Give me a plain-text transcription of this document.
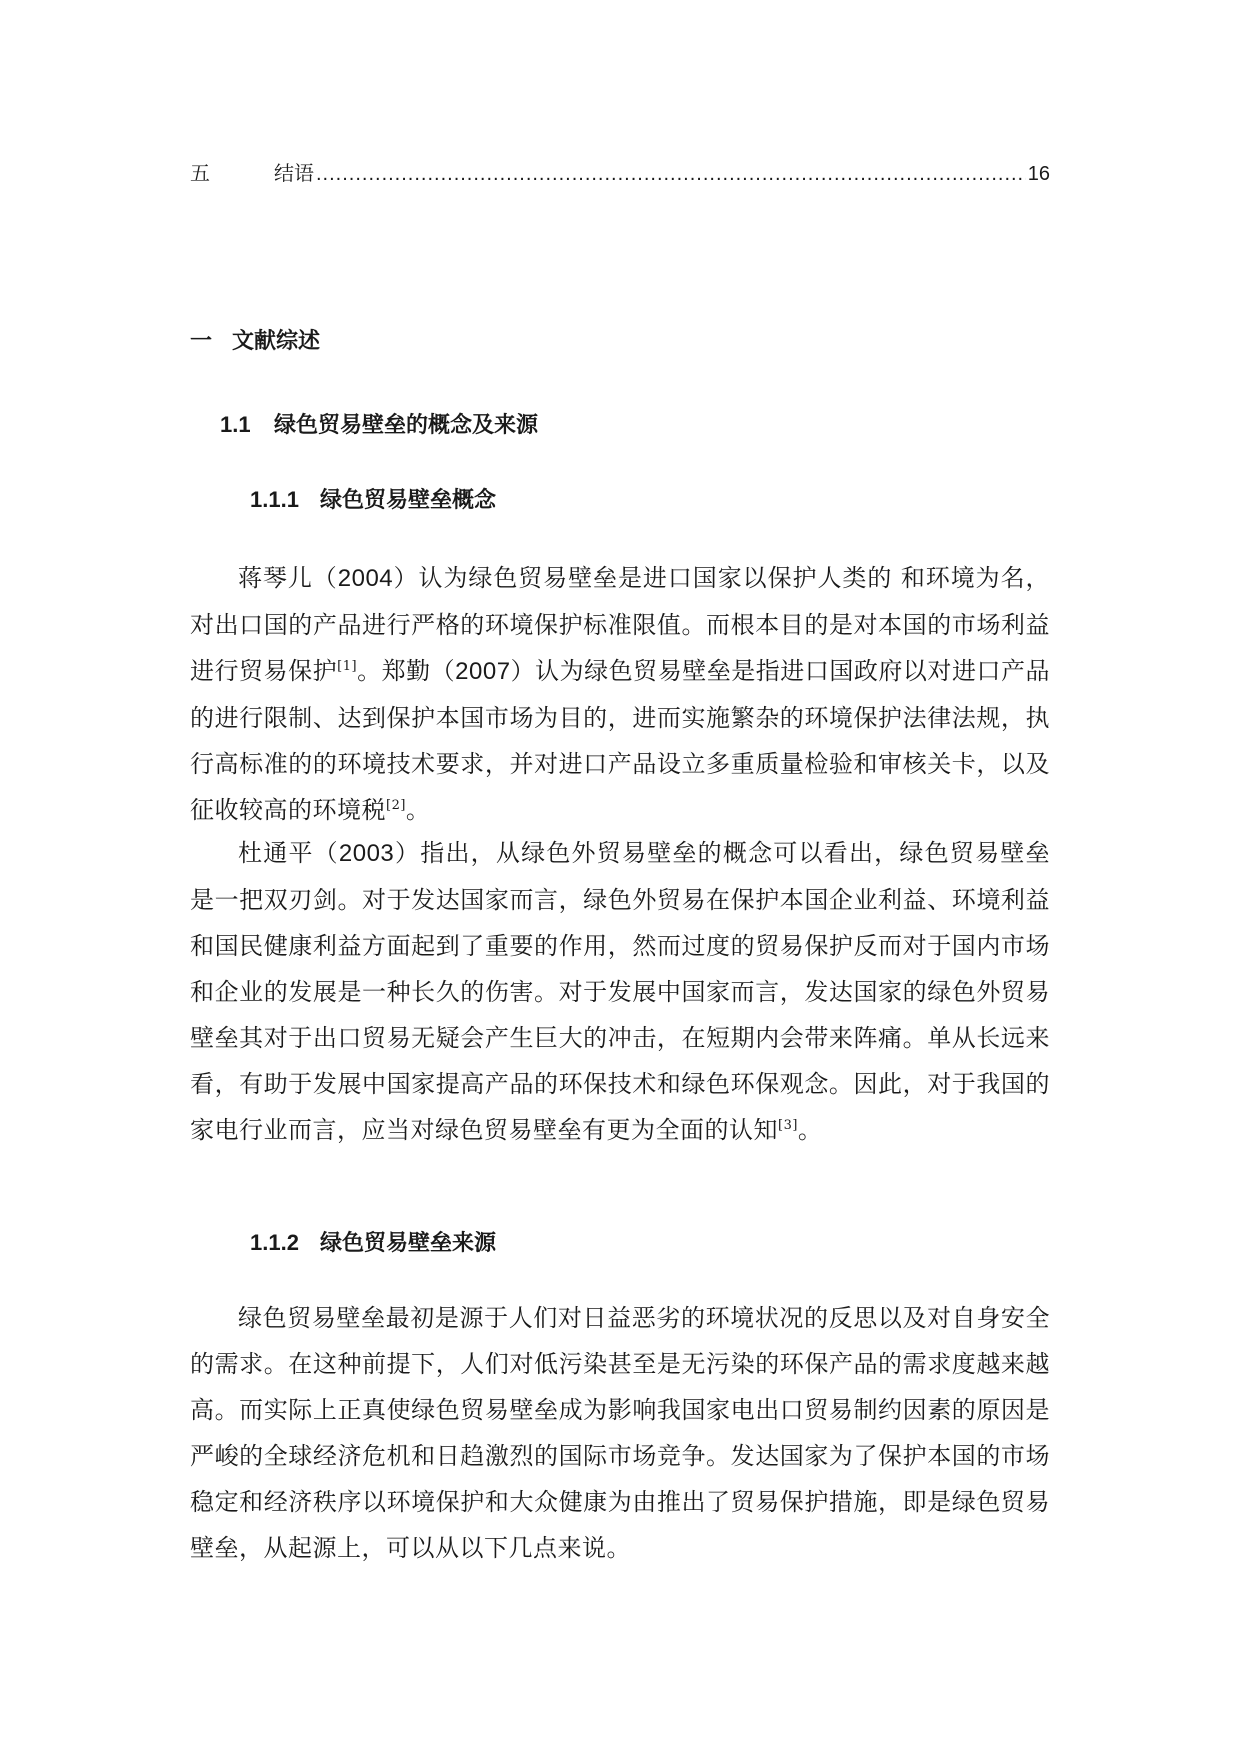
五	结语
.....	16
一 文献综述
1.1 绿色贸易壁垒的概念及来源
1.1.1 绿色贸易壁垒概念

蒋琴儿（2004）认为绿色贸易壁垒是进口国家以保护人类的 和环境为名，对出口国的产品进行严格的环境保护标准限值。而根本目的是对本国的市场利益进行贸易保护[1]。郑勤（2007）认为绿色贸易壁垒是指进口国政府以对进口产品的进行限制、达到保护本国市场为目的，进而实施繁杂的环境保护法律法规，执行高标准的的环境技术要求，并对进口产品设立多重质量检验和审核关卡，以及征收较高的环境税[2]。

杜通平（2003）指出，从绿色外贸易壁垒的概念可以看出，绿色贸易壁垒是一把双刃剑。对于发达国家而言，绿色外贸易在保护本国企业利益、环境利益和国民健康利益方面起到了重要的作用，然而过度的贸易保护反而对于国内市场和企业的发展是一种长久的伤害。对于发展中国家而言，发达国家的绿色外贸易壁垒其对于出口贸易无疑会产生巨大的冲击，在短期内会带来阵痛。单从长远来看，有助于发展中国家提高产品的环保技术和绿色环保观念。因此，对于我国的家电行业而言，应当对绿色贸易壁垒有更为全面的认知[3]。

1.1.2 绿色贸易壁垒来源

绿色贸易壁垒最初是源于人们对日益恶劣的环境状况的反思以及对自身安全的需求。在这种前提下，人们对低污染甚至是无污染的环保产品的需求度越来越高。而实际上正真使绿色贸易壁垒成为影响我国家电出口贸易制约因素的原因是严峻的全球经济危机和日趋激烈的国际市场竞争。发达国家为了保护本国的市场稳定和经济秩序以环境保护和大众健康为由推出了贸易保护措施，即是绿色贸易壁垒，从起源上，可以从以下几点来说。
